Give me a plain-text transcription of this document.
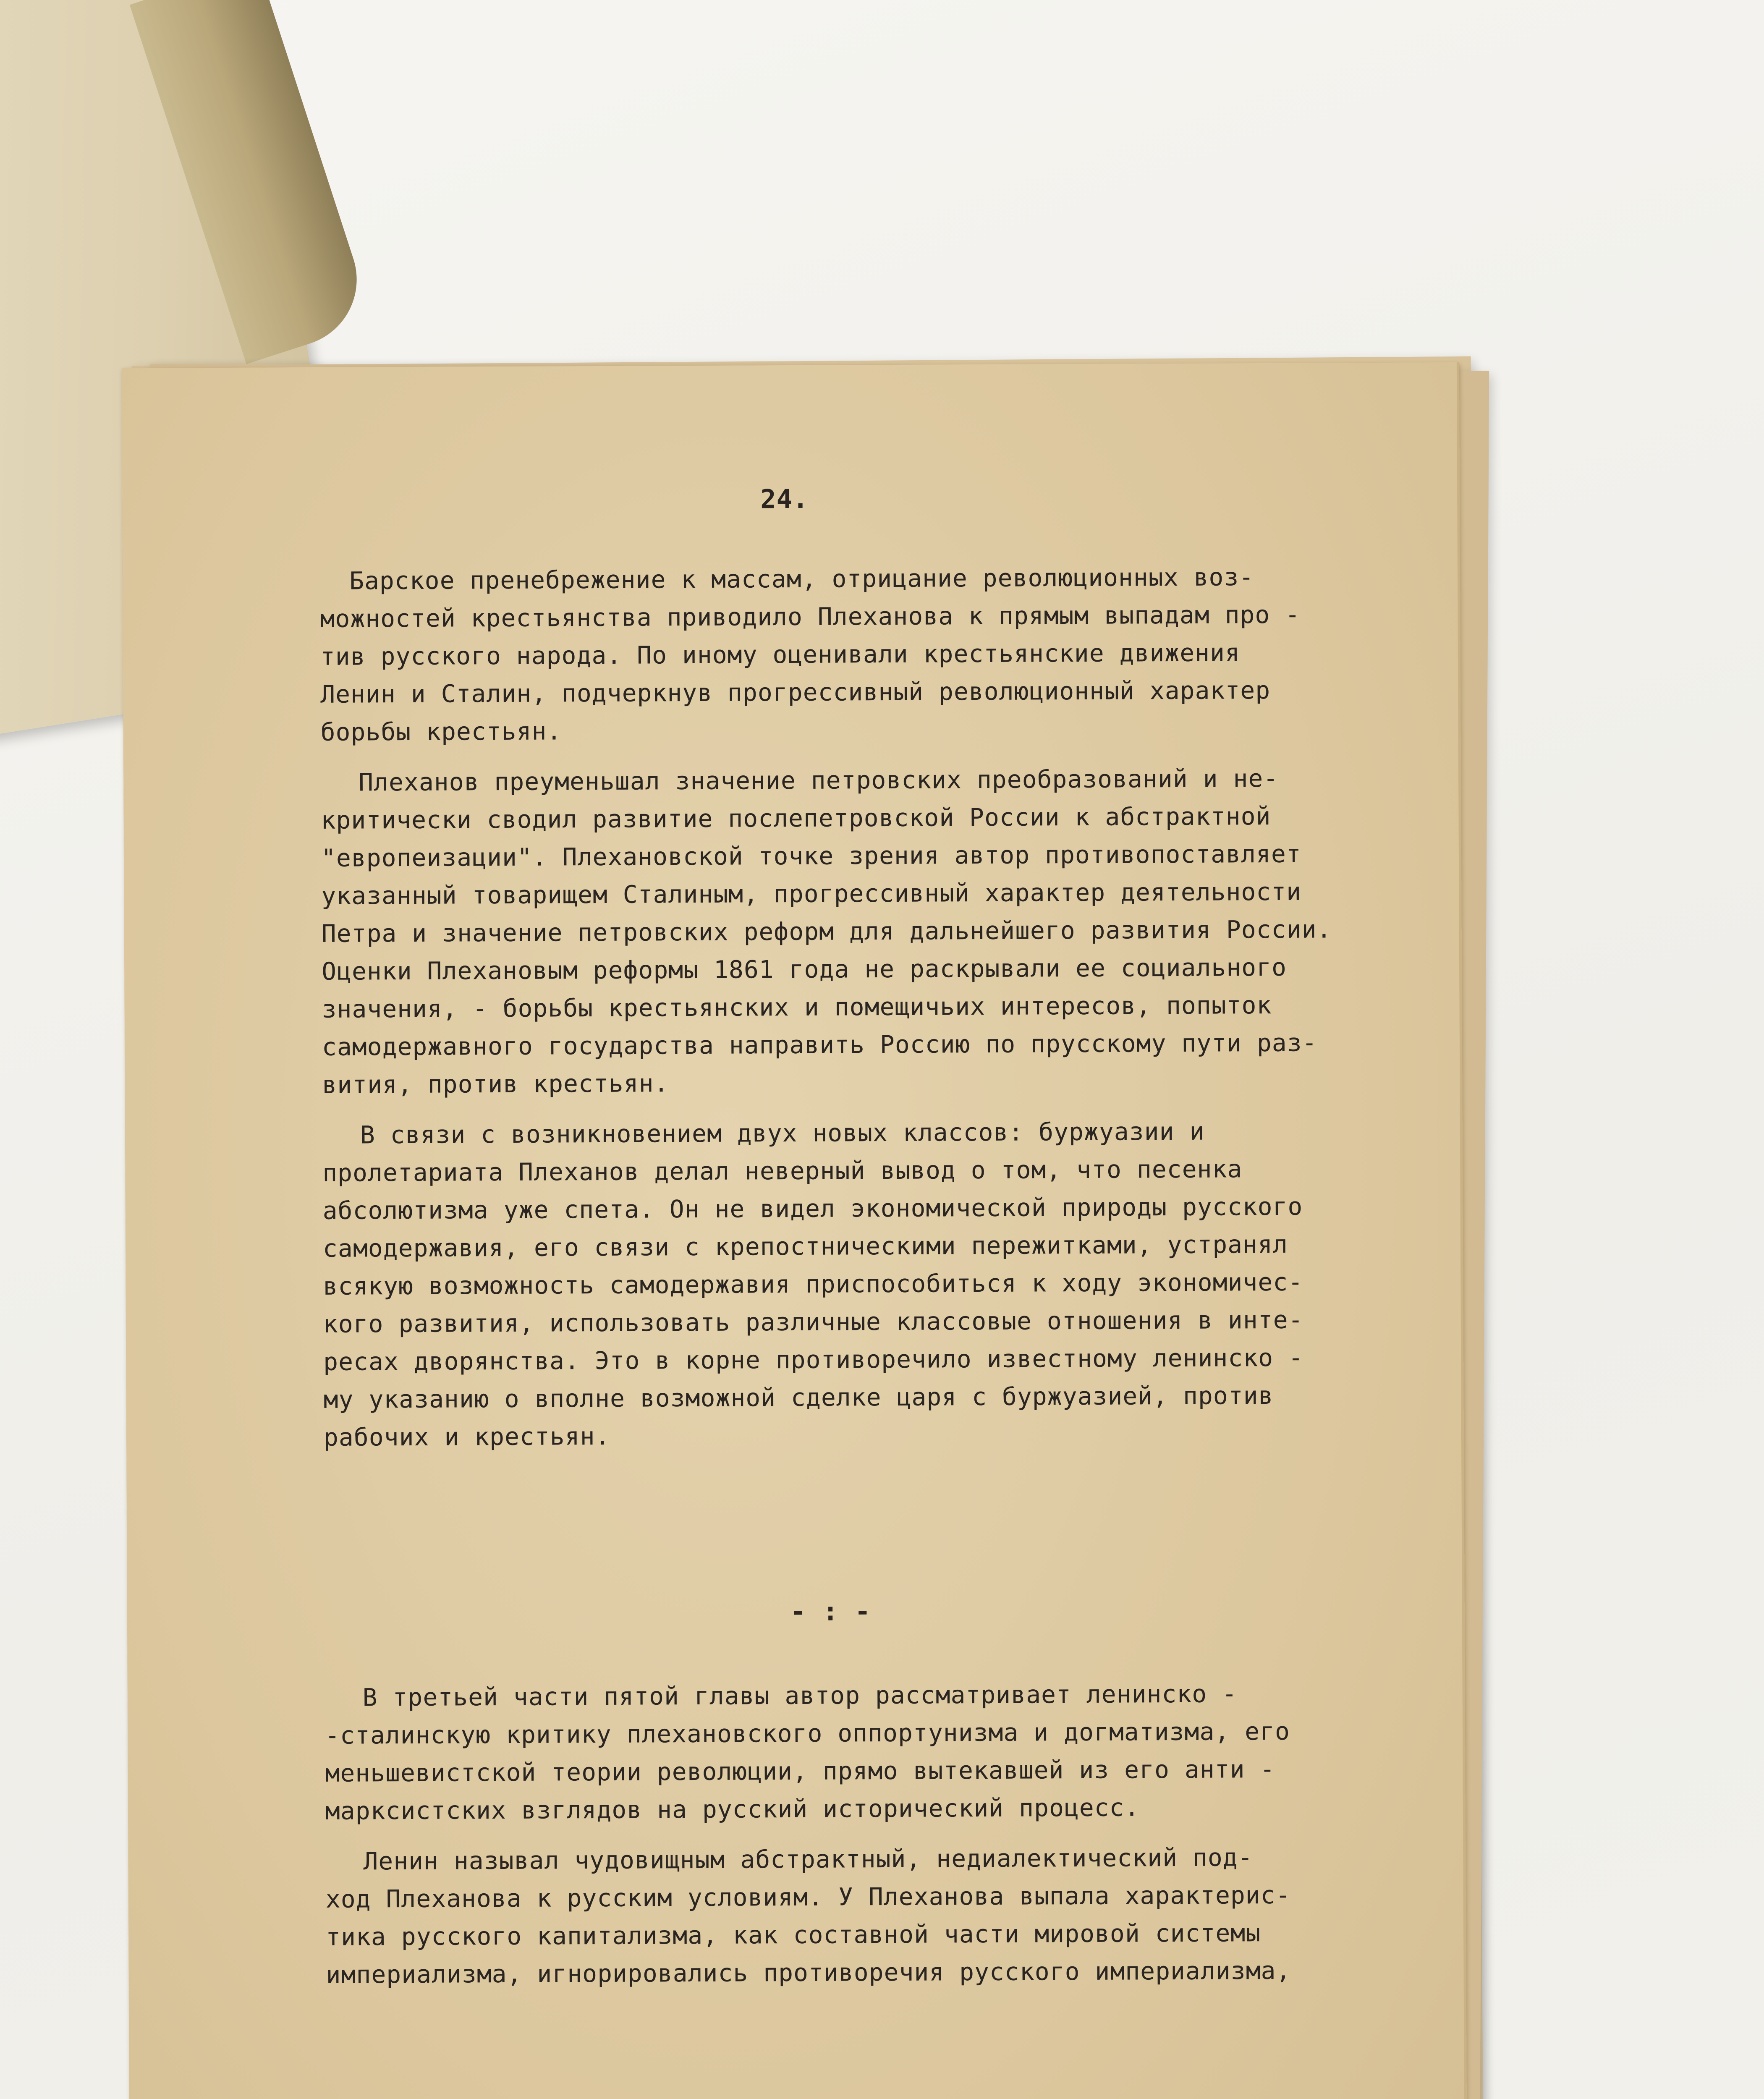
24.
Барское пренебрежение к массам, отрицание революционных воз-
можностей крестьянства приводило Плеханова к прямым выпадам про -
тив русского народа. По иному оценивали крестьянские движения
Ленин и Сталин, подчеркнув прогрессивный революционный характер
борьбы крестьян.
Плеханов преуменьшал значение петровских преобразований и не-
критически сводил развитие послепетровской России к абстрактной
"европеизации". Плехановской точке зрения автор противопоставляет
указанный товарищем Сталиным, прогрессивный характер деятельности
Петра и значение петровских реформ для дальнейшего развития России.
Оценки Плехановым реформы 1861 года не раскрывали ее социального
значения, - борьбы крестьянских и помещичьих интересов, попыток
самодержавного государства направить Россию по прусскому пути раз-
вития, против крестьян.
В связи с возникновением двух новых классов: буржуазии и
пролетариата Плеханов делал неверный вывод о том, что песенка
абсолютизма уже спета. Он не видел экономической природы русского
самодержавия, его связи с крепостническими пережитками, устранял
всякую возможность самодержавия приспособиться к ходу экономичес-
кого развития, использовать различные классовые отношения в инте-
ресах дворянства. Это в корне противоречило известному ленинско -
му указанию о вполне возможной сделке царя с буржуазией, против
рабочих и крестьян.
- : -
В третьей части пятой главы автор рассматривает ленинско -
-сталинскую критику плехановского оппортунизма и догматизма, его
меньшевистской теории революции, прямо вытекавшей из его анти -
марксистских взглядов на русский исторический процесс.
Ленин называл чудовищным абстрактный, недиалектический под-
ход Плеханова к русским условиям. У Плеханова выпала характерис-
тика русского капитализма, как составной части мировой системы
империализма, игнорировались противоречия русского империализма,
